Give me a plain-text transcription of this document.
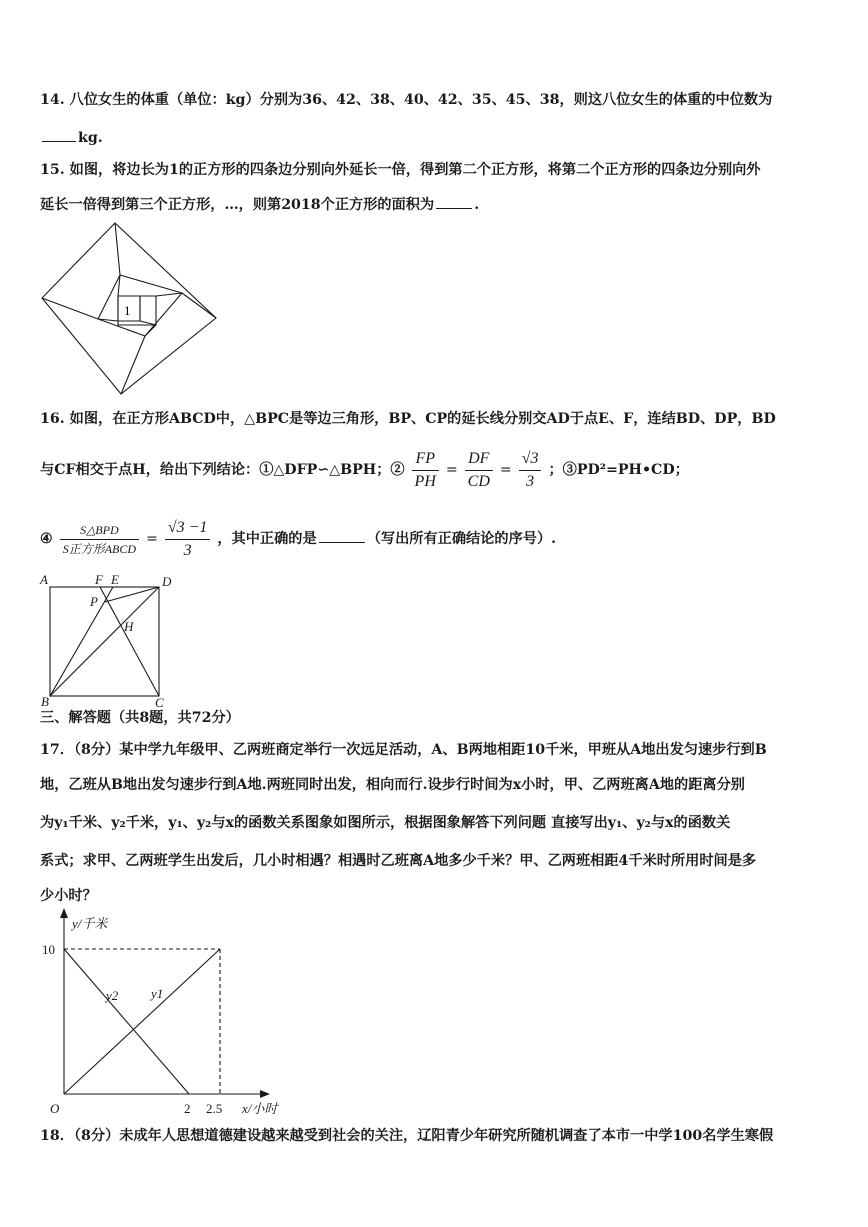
14. 八位女生的体重（单位：kg）分别为36、42、38、40、42、35、45、38，则这八位女生的体重的中位数为
kg.
15. 如图，将边长为1的正方形的四条边分别向外延长一倍，得到第二个正方形，将第二个正方形的四条边分别向外
延长一倍得到第三个正方形，…，则第2018个正方形的面积为	.
1
16. 如图，在正方形ABCD中，△BPC是等边三角形，BP、CP的延长线分别交AD于点E、F，连结BD、DP，BD
与CF相交于点H，给出下列结论：①△DFP∽△BPH；② $\frac{FP}{PH} = \frac{DF}{CD} = \frac{√3}{3}$ ；③PD²=PH•CD；
④ $\frac{\text{S△BPD}}{\text{S正方形ABCD}} = \frac{√3 -1}{3}$ ，其中正确的是	（写出所有正确结论的序号）.
A	F E	D
P
H
B	C
三、解答题（共8题，共72分）
17．（8分）某中学九年级甲、乙两班商定举行一次远足活动，A、B两地相距10千米，甲班从A地出发匀速步行到B
地，乙班从B地出发匀速步行到A地.两班同时出发，相向而行.设步行时间为x小时，甲、乙两班离A地的距离分别
为y₁千米、y₂千米，y₁、y₂与x的函数关系图象如图所示，根据图象解答下列问题 直接写出y₁、y₂与x的函数关
系式；求甲、乙两班学生出发后，几小时相遇？相遇时乙班离A地多少千米？甲、乙两班相距4千米时所用时间是多
少小时？
y/千米
10
O	2 2.5 x/小时
y2	y1
18．（8分）未成年人思想道德建设越来越受到社会的关注，辽阳青少年研究所随机调查了本市一中学100名学生寒假
